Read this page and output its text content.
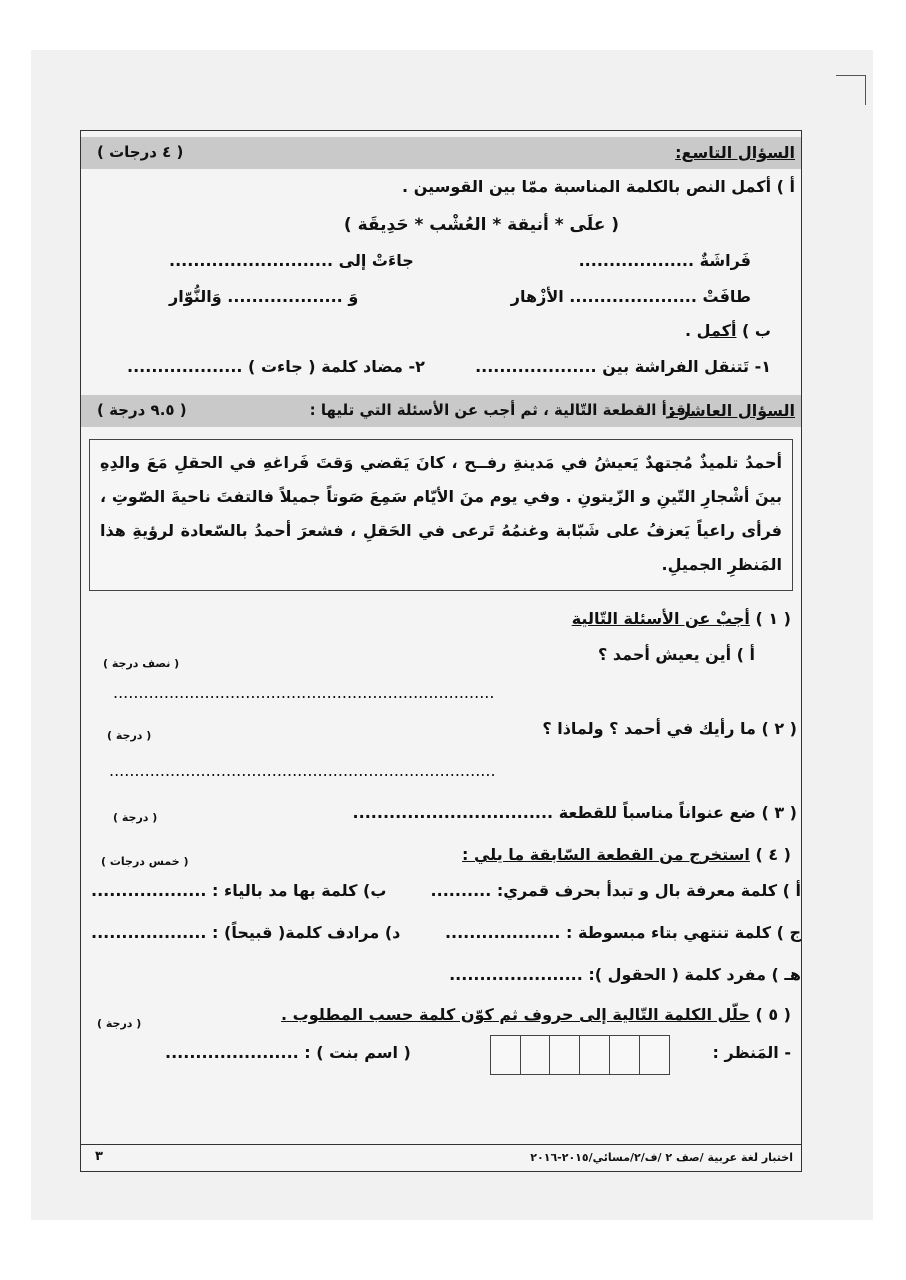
السؤال التاسع:
( ٤ درجات )
أ ) أكمل النص بالكلمة المناسبة ممّا بين القوسين .
( علَى * أنيقة * العُشْب * حَدِيقَة )
فَراشَةٌ ...................
جاءَتْ إلى ...........................
طافَتْ ..................... الأزْهار
وَ ................... وَالنُّوّار
ب ) أكمل .
١- تَتنقل الفراشة بين ....................
٢- مضاد كلمة ( جاءت ) ...................
السؤال العاشر :
اقرأ القطعة التّالية ، ثم أجب عن الأسئلة التي تليها :
( ٩.٥ درجة )
أحمدُ تلميذٌ مُجتهدٌ يَعيشُ في مَدينةِ رفــح ، كانَ يَقضي وَقتَ فَراغهِ في الحقلِ مَعَ والدِهِ بينَ أشْجارِ التّينِ و الزّيتونِ . وفي يوم منَ الأيّام سَمِعَ صَوتاً جميلاً فالتفتَ ناحيةَ الصّوتِ ، فرأى راعياً يَعزفُ على شَبّابة وغنمُهُ تَرعى في الحَقلِ ، فشعرَ أحمدُ بالسّعادة لرؤيةِ هذا المَنظرِ الجميلِ.
( ١ ) أجبْ عن الأسئلة التّالية
أ ) أين يعيش أحمد ؟
( نصف درجة )
...........................................................................
( ٢ ) ما رأيك في أحمد ؟ ولماذا ؟
( درجة )
............................................................................
( ٣ ) ضع عنواناً مناسباً للقطعة .................................
( درجة )
( ٤ ) استخرج من القطعة السّابقة ما يلي :
( خمس درجات )
أ ) كلمة معرفة بال و تبدأ بحرف قمري: ..........
ب) كلمة بها مد بالياء : ...................
ج ) كلمة تنتهي بتاء مبسوطة : ...................
د) مرادف كلمة( قبيحاً) : ...................
هـ ) مفرد كلمة ( الحقول ): ......................
( ٥ ) حلّل الكلمة التّالية إلى حروف ثم كوّن كلمة حسب المطلوب .
( درجة )
- المَنظر :
( اسم بنت ) : ......................
اختبار لغة عربية /صف ٢ /ف/٢/مسائي/٢٠١٥-٢٠١٦
٣
